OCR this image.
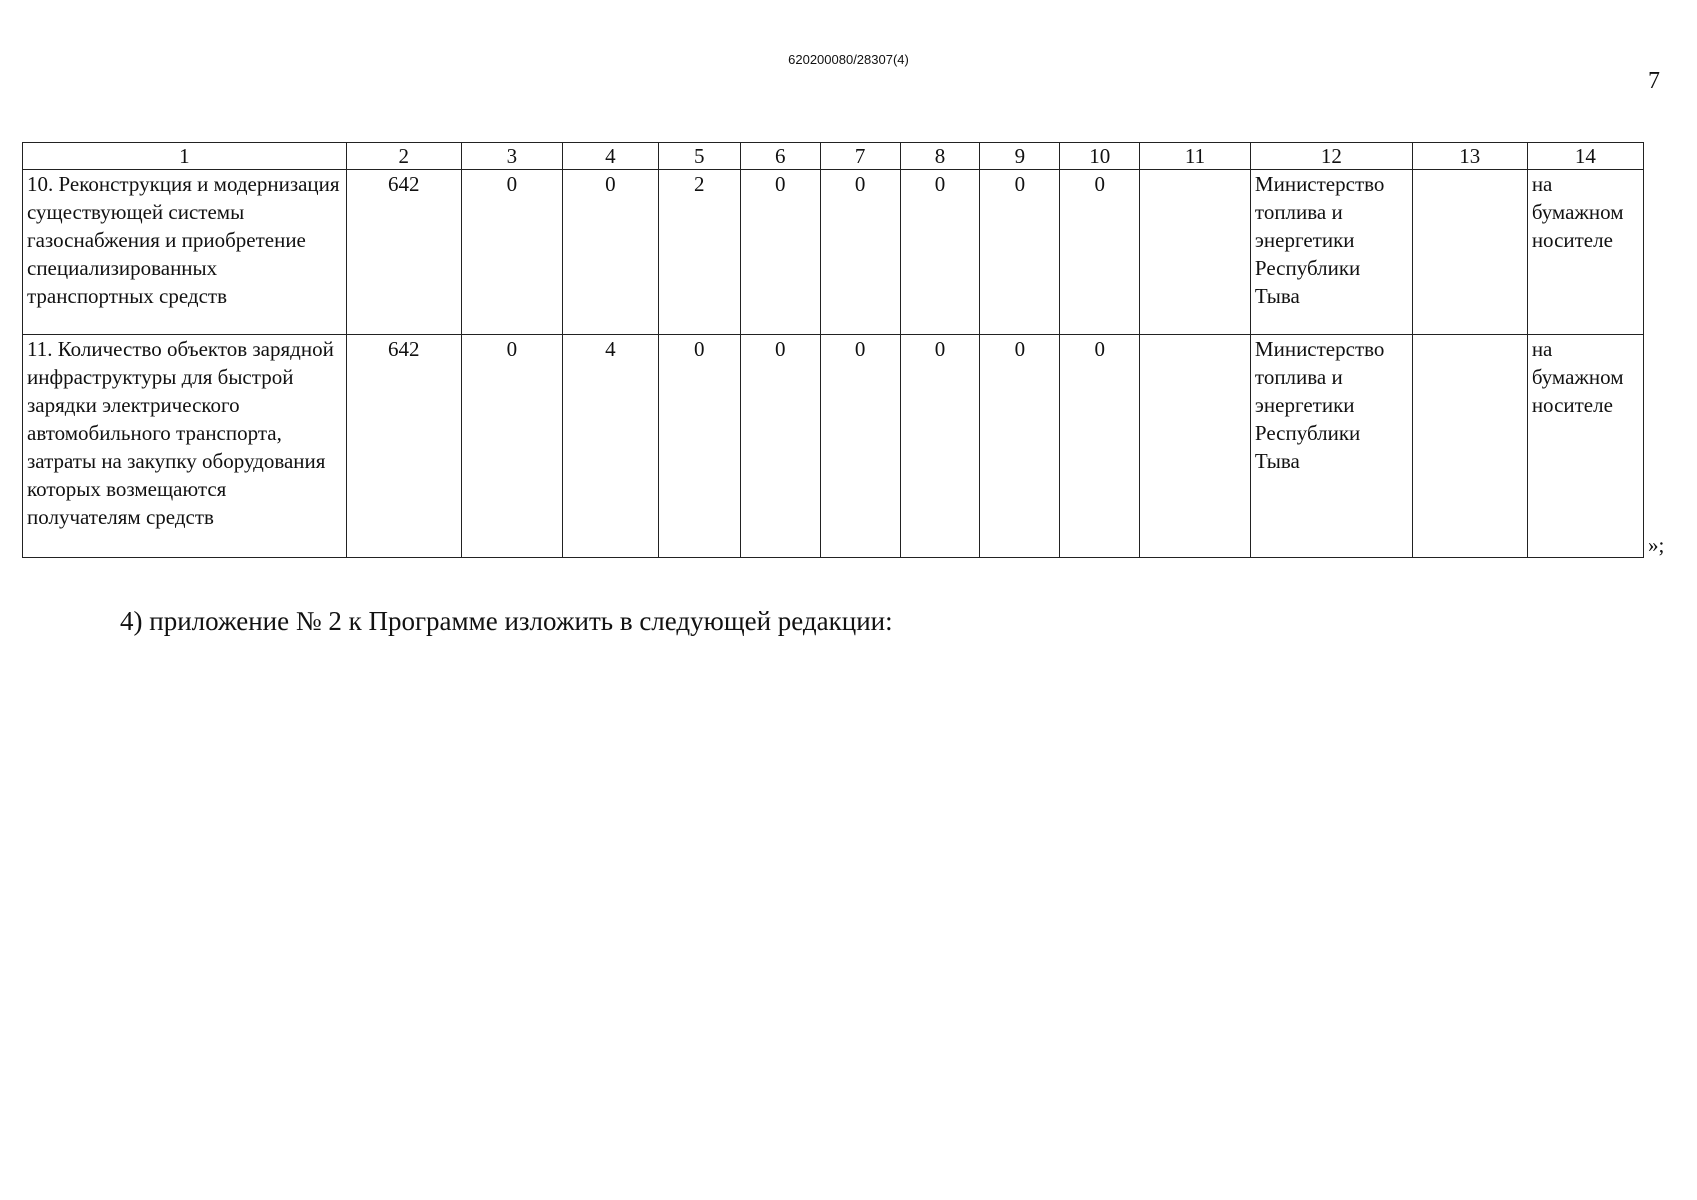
620200080/28307(4)
7
1	2	3	4	5	6	7	8	9	10	11	12	13	14
10. Реконструкция и модернизация существующей системы газоснабжения и приобретение специализированных транспортных средств	642	0	0	2	0	0	0	0	0		Министерство топлива и энергетики Республики Тыва		на бумажном носителе
11. Количество объектов зарядной инфраструктуры для быстрой зарядки электрического автомобильного транспорта, затраты на закупку оборудования которых возмещаются получателям средств	642	0	4	0	0	0	0	0	0		Министерство топлива и энергетики Республики Тыва		на бумажном носителе
»;
4) приложение № 2 к Программе изложить в следующей редакции:
